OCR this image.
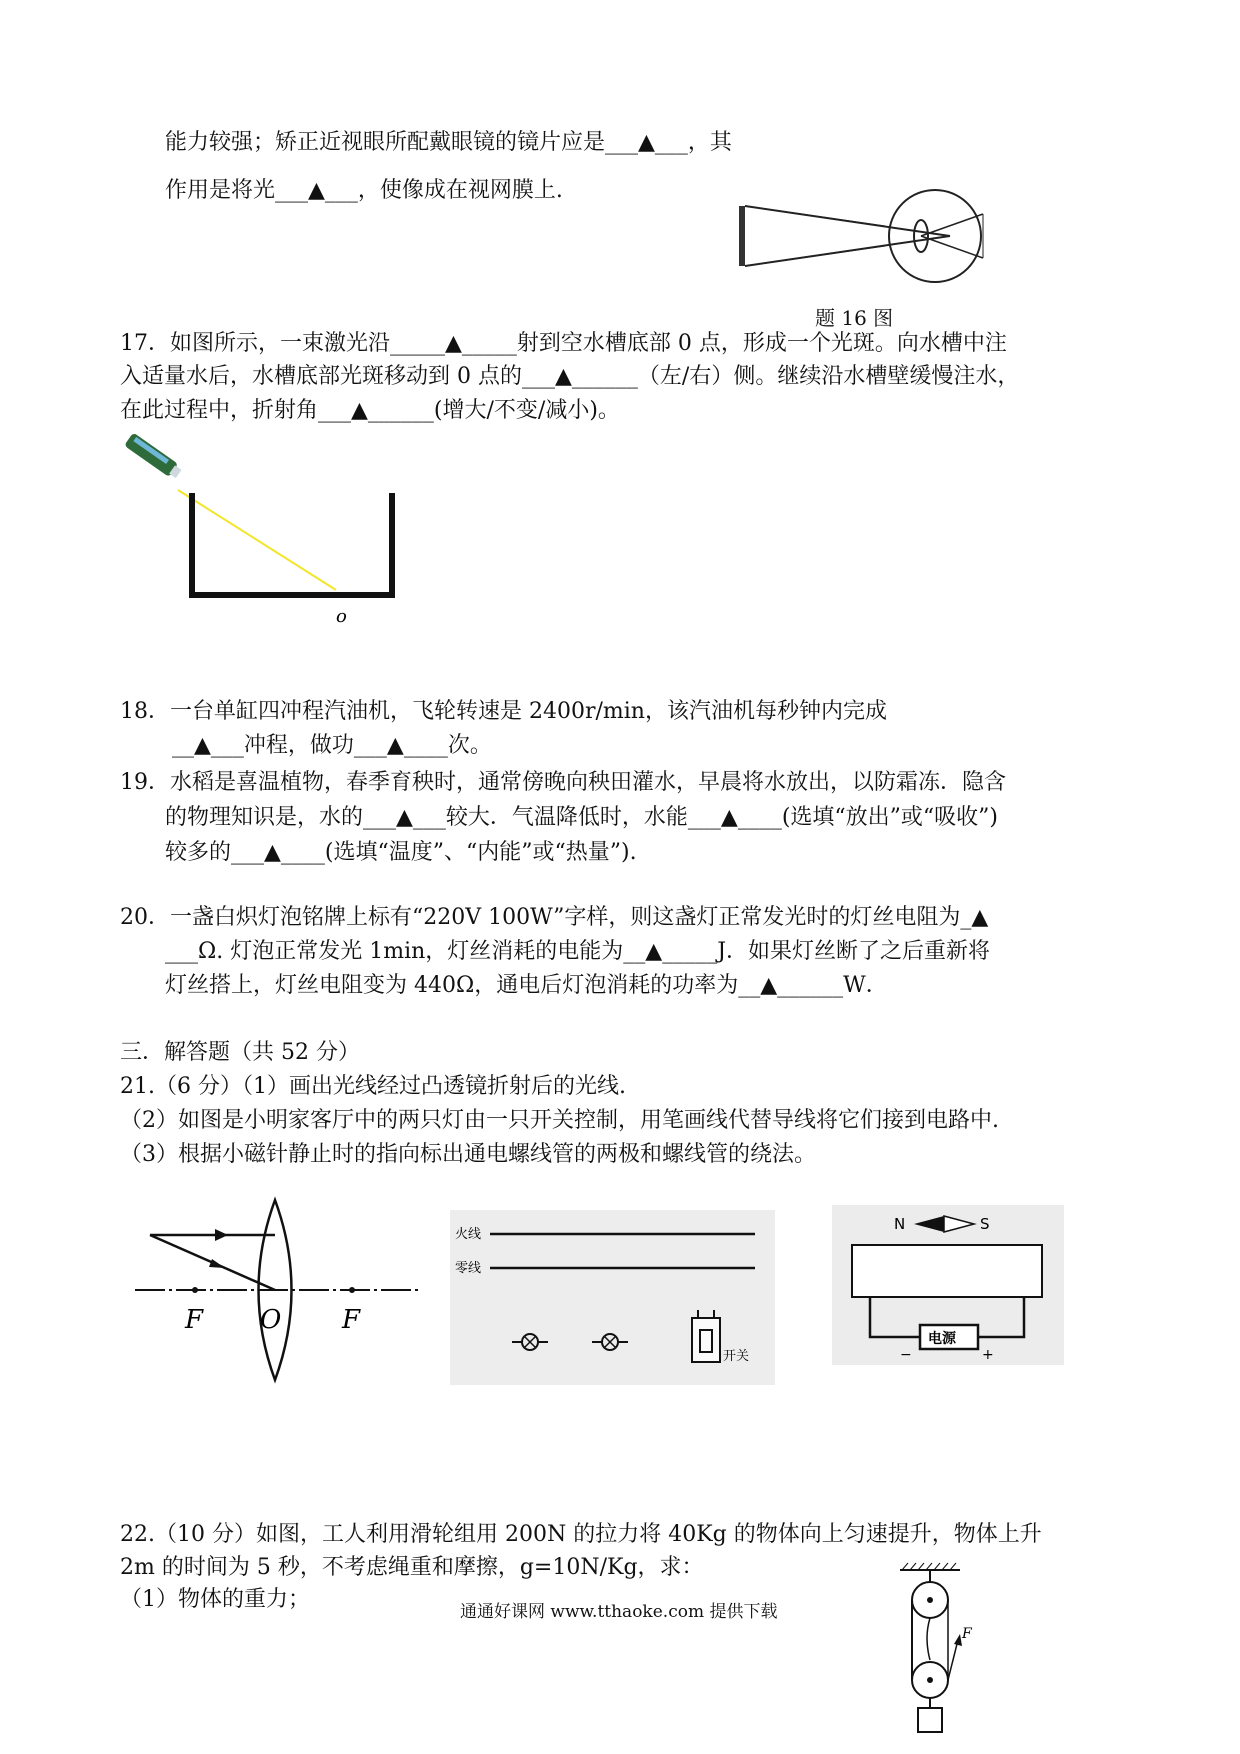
能力较强；矫正近视眼所配戴眼镜的镜片应是___▲___，其
作用是将光___▲___，使像成在视网膜上.
题 16 图
17．如图所示，一束激光沿_____▲_____射到空水槽底部 0 点，形成一个光斑。向水槽中注
入适量水后，水槽底部光斑移动到 0 点的___▲______（左/右）侧。继续沿水槽壁缓慢注水，
在此过程中，折射角___▲______(增大/不变/减小)。
o
18．一台单缸四冲程汽油机，飞轮转速是 2400r/min，该汽油机每秒钟内完成
__▲___冲程，做功___▲____次。
19．水稻是喜温植物，春季育秧时，通常傍晚向秧田灌水，早晨将水放出，以防霜冻．隐含
的物理知识是，水的___▲___较大．气温降低时，水能___▲____(选填“放出”或“吸收”)
较多的___▲____(选填“温度”、“内能”或“热量”).
20．一盏白炽灯泡铭牌上标有“220V 100W”字样，则这盏灯正常发光时的灯丝电阻为_▲
___Ω. 灯泡正常发光 1min，灯丝消耗的电能为__▲_____J．如果灯丝断了之后重新将
灯丝搭上，灯丝电阻变为 440Ω，通电后灯泡消耗的功率为__▲______W．
三．解答题（共 52 分）
21.（6 分）（1）画出光线经过凸透镜折射后的光线.
（2）如图是小明家客厅中的两只灯由一只开关控制，用笔画线代替导线将它们接到电路中.
（3）根据小磁针静止时的指向标出通电螺线管的两极和螺线管的绕法。
F O F
火线
零线
开关
N	S
电源
−	+
22.（10 分）如图，工人利用滑轮组用 200N 的拉力将 40Kg 的物体向上匀速提升，物体上升
2m 的时间为 5 秒，不考虑绳重和摩擦，g=10N/Kg，求：
（1）物体的重力；
F
通通好课网 www.tthaoke.com 提供下载
